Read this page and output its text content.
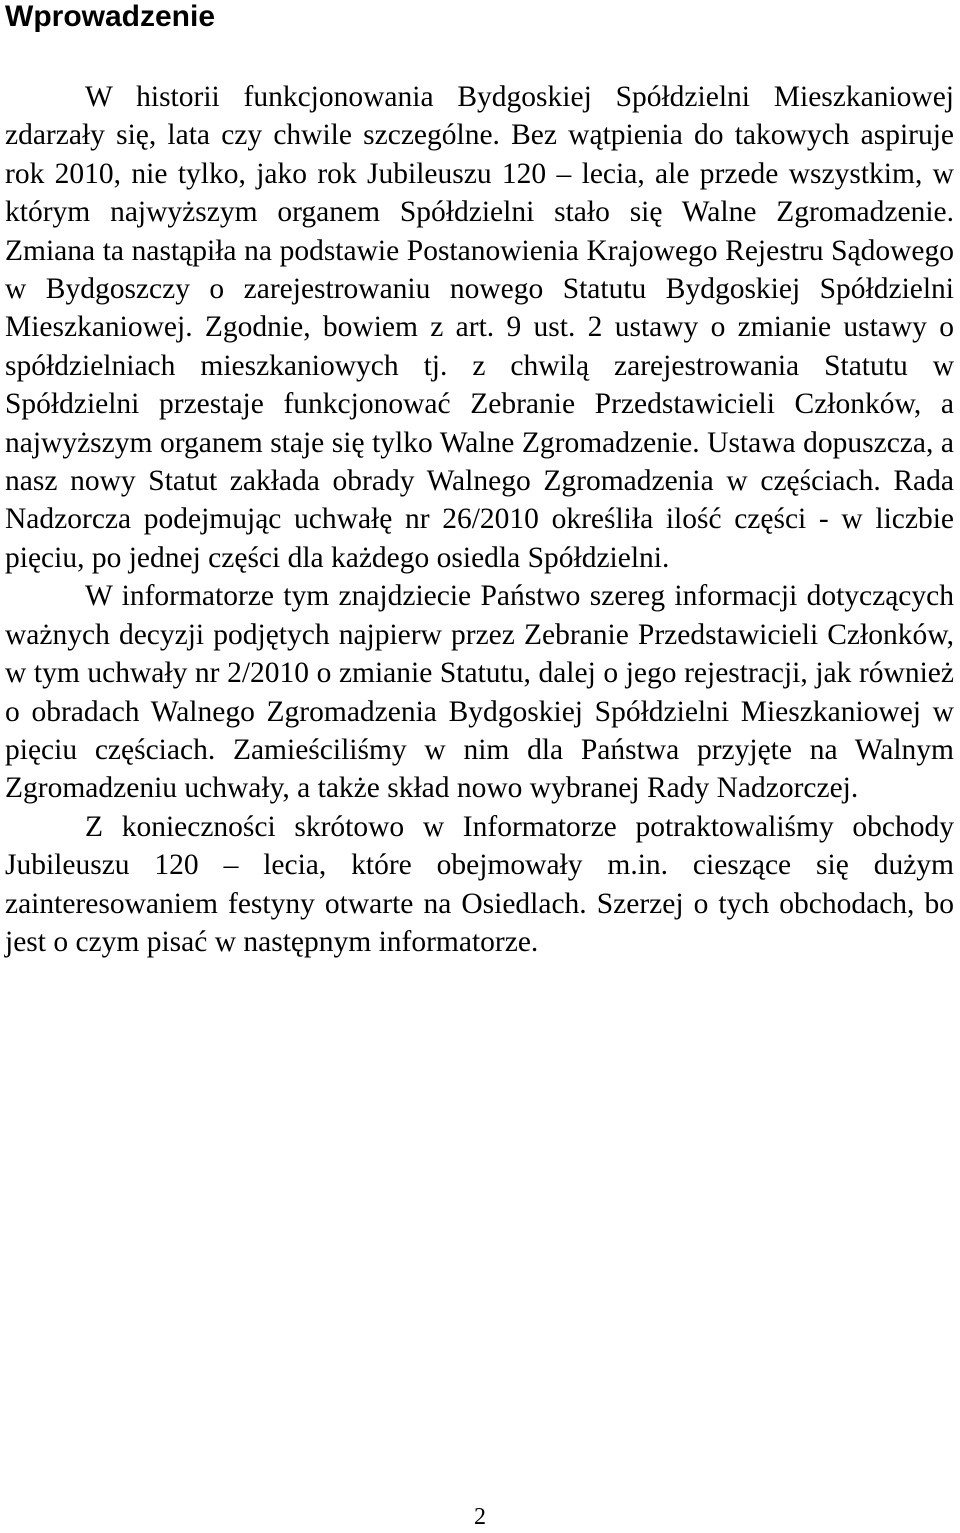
Wprowadzenie

W historii funkcjonowania Bydgoskiej Spółdzielni Mieszkaniowej zdarzały się, lata czy chwile szczególne. Bez wątpienia do takowych aspiruje rok 2010, nie tylko, jako rok Jubileuszu 120 – lecia, ale przede wszystkim, w którym najwyższym organem Spółdzielni stało się Walne Zgromadzenie. Zmiana ta nastąpiła na podstawie Postanowienia Krajowego Rejestru Sądowego w Bydgoszczy o zarejestrowaniu nowego Statutu Bydgoskiej Spółdzielni Mieszkaniowej. Zgodnie, bowiem z art. 9 ust. 2 ustawy o zmianie ustawy o spółdzielniach mieszkaniowych tj. z chwilą zarejestrowania Statutu w Spółdzielni przestaje funkcjonować Zebranie Przedstawicieli Członków, a najwyższym organem staje się tylko Walne Zgromadzenie. Ustawa dopuszcza, a nasz nowy Statut zakłada obrady Walnego Zgromadzenia w częściach. Rada Nadzorcza podejmując uchwałę nr 26/2010 określiła ilość części - w liczbie pięciu, po jednej części dla każdego osiedla Spółdzielni.

W informatorze tym znajdziecie Państwo szereg informacji dotyczących ważnych decyzji podjętych najpierw przez Zebranie Przedstawicieli Członków, w tym uchwały nr 2/2010 o zmianie Statutu, dalej o jego rejestracji, jak również o obradach Walnego Zgromadzenia Bydgoskiej Spółdzielni Mieszkaniowej w pięciu częściach. Zamieściliśmy w nim dla Państwa przyjęte na Walnym Zgromadzeniu uchwały, a także skład nowo wybranej Rady Nadzorczej.

Z konieczności skrótowo w Informatorze potraktowaliśmy obchody Jubileuszu 120 – lecia, które obejmowały m.in. cieszące się dużym zainteresowaniem festyny otwarte na Osiedlach. Szerzej o tych obchodach, bo jest o czym pisać w następnym informatorze.

2
